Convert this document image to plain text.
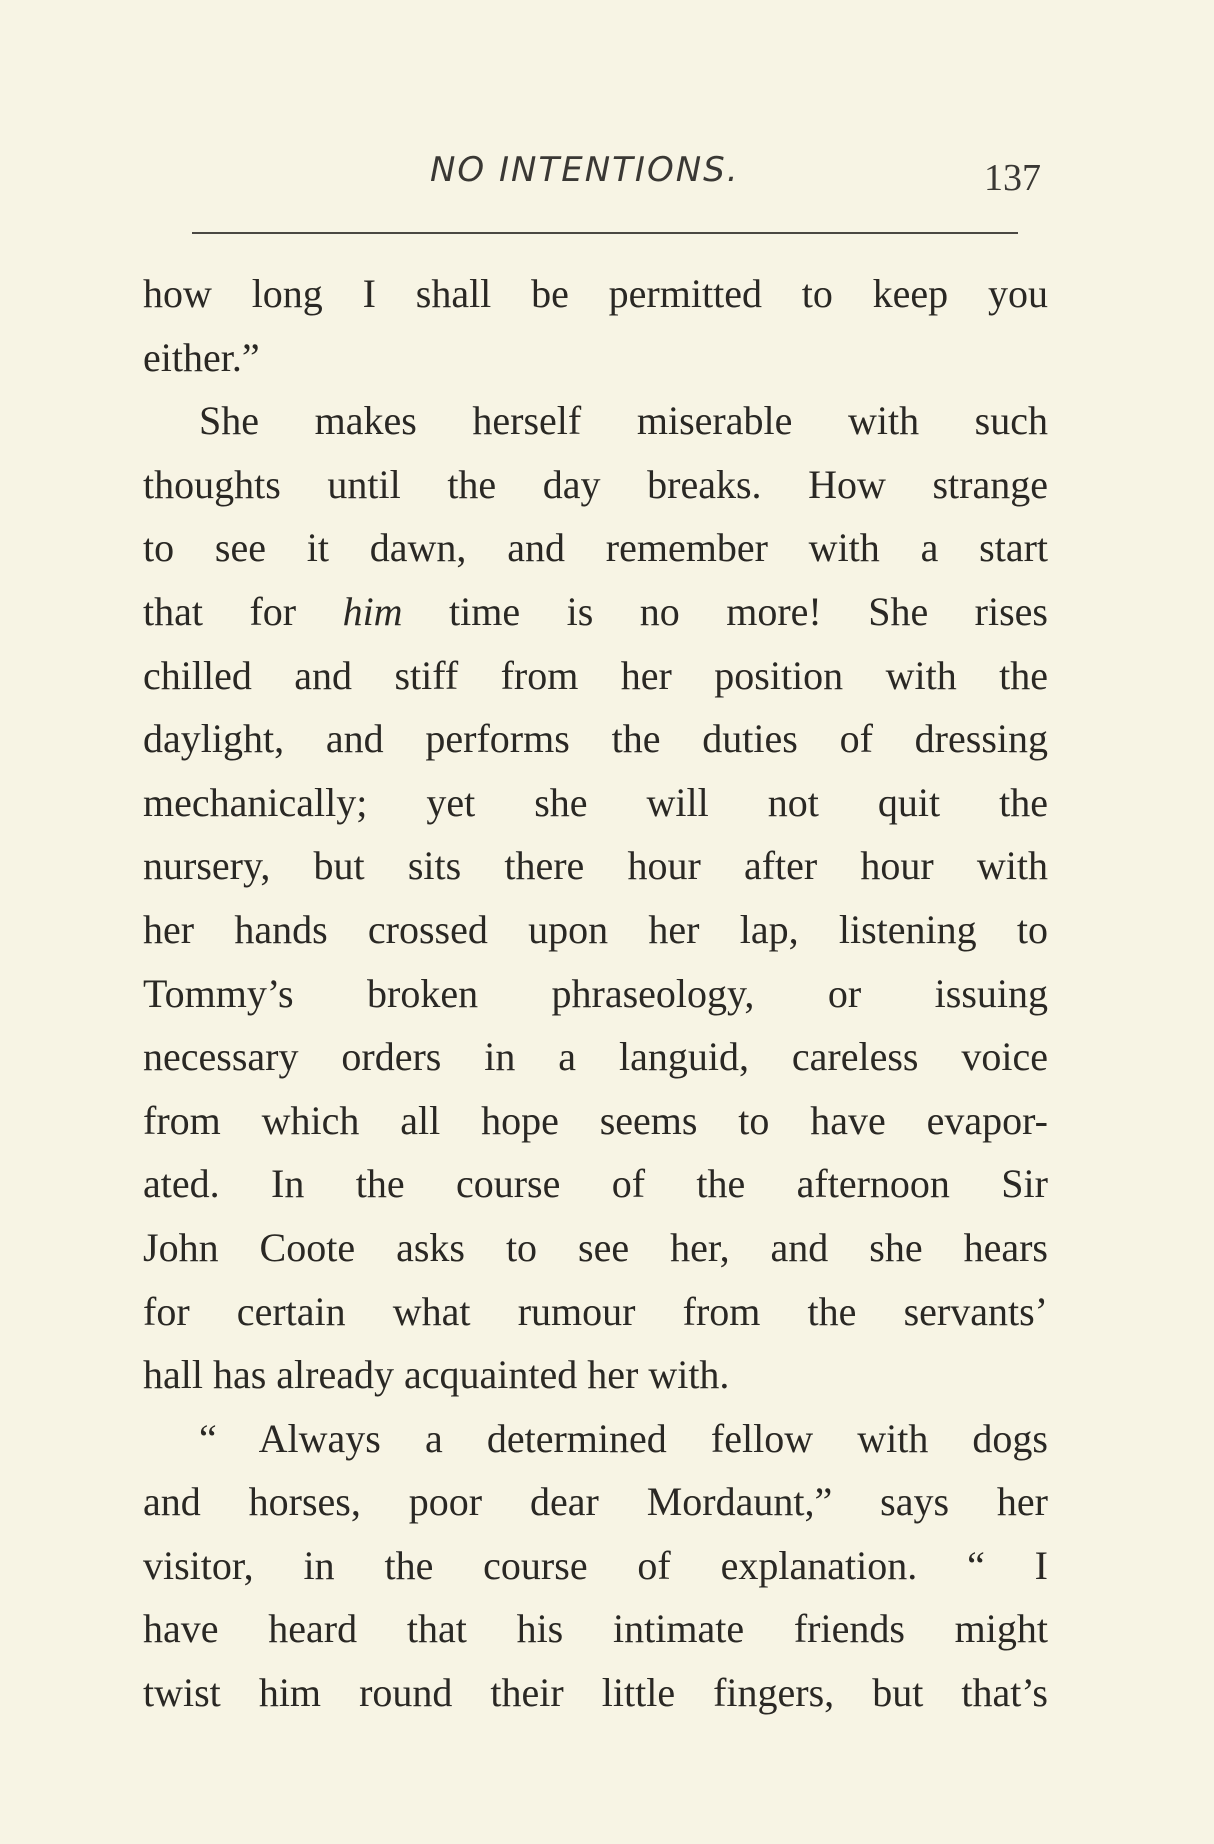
NO INTENTIONS.	137
how long I shall be permitted to keep you
either.”
She makes herself miserable with such
thoughts until the day breaks. How strange
to see it dawn, and remember with a start
that for him time is no more! She rises
chilled and stiff from her position with the
daylight, and performs the duties of dressing
mechanically; yet she will not quit the
nursery, but sits there hour after hour with
her hands crossed upon her lap, listening to
Tommy’s broken phraseology, or issuing
necessary orders in a languid, careless voice
from which all hope seems to have evapor-
ated. In the course of the afternoon Sir
John Coote asks to see her, and she hears
for certain what rumour from the servants’
hall has already acquainted her with.
“ Always a determined fellow with dogs
and horses, poor dear Mordaunt,” says her
visitor, in the course of explanation. “ I
have heard that his intimate friends might
twist him round their little fingers, but that’s
